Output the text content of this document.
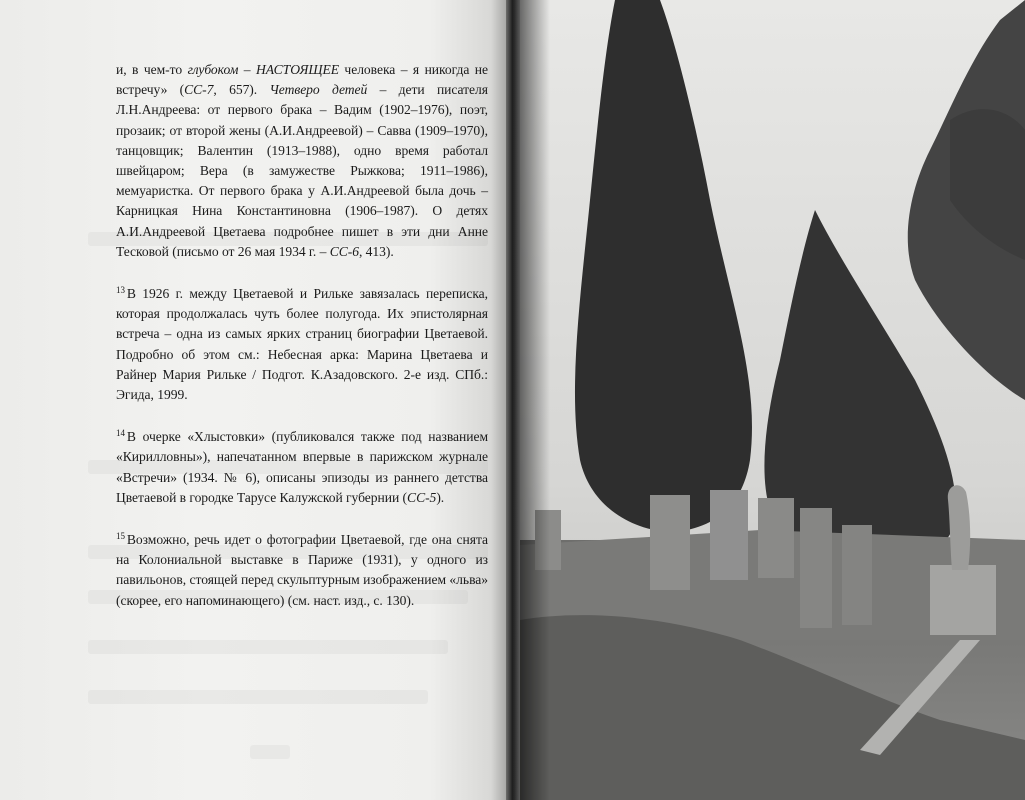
и, в чем-то глубоком – НАСТОЯЩЕЕ человека – я никогда не встречу» (СС-7, 657). Четверо детей – дети писателя Л.Н.Андреева: от первого брака – Вадим (1902–1976), поэт, прозаик; от второй жены (А.И.Андреевой) – Савва (1909–1970), танцовщик; Валентин (1913–1988), одно время работал швейцаром; Вера (в замужестве Рыжкова; 1911–1986), мемуаристка. От первого брака у А.И.Андреевой была дочь – Карницкая Нина Константиновна (1906–1987). О детях А.И.Андреевой Цветаева подробнее пишет в эти дни Анне Тесковой (письмо от 26 мая 1934 г. – СС-6, 413).

$^{13}$ В 1926 г. между Цветаевой и Рильке завязалась переписка, которая продолжалась чуть более полугода. Их эпистолярная встреча – одна из самых ярких страниц биографии Цветаевой. Подробно об этом см.: Небесная арка: Марина Цветаева и Райнер Мария Рильке / Подгот. К.Азадовского. 2-е изд. СПб.: Эгида, 1999.

$^{14}$ В очерке «Хлыстовки» (публиковался также под названием «Кирилловны»), напечатанном впервые в парижском журнале «Встречи» (1934. № 6), описаны эпизоды из раннего детства Цветаевой в городке Тарусе Калужской губернии (СС-5).

$^{15}$ Возможно, речь идет о фотографии Цветаевой, где она снята на Колониальной выставке в Париже (1931), у одного из павильонов, стоящей перед скульптурным изображением «льва» (скорее, его напоминающего) (см. наст. изд., с. 130).
